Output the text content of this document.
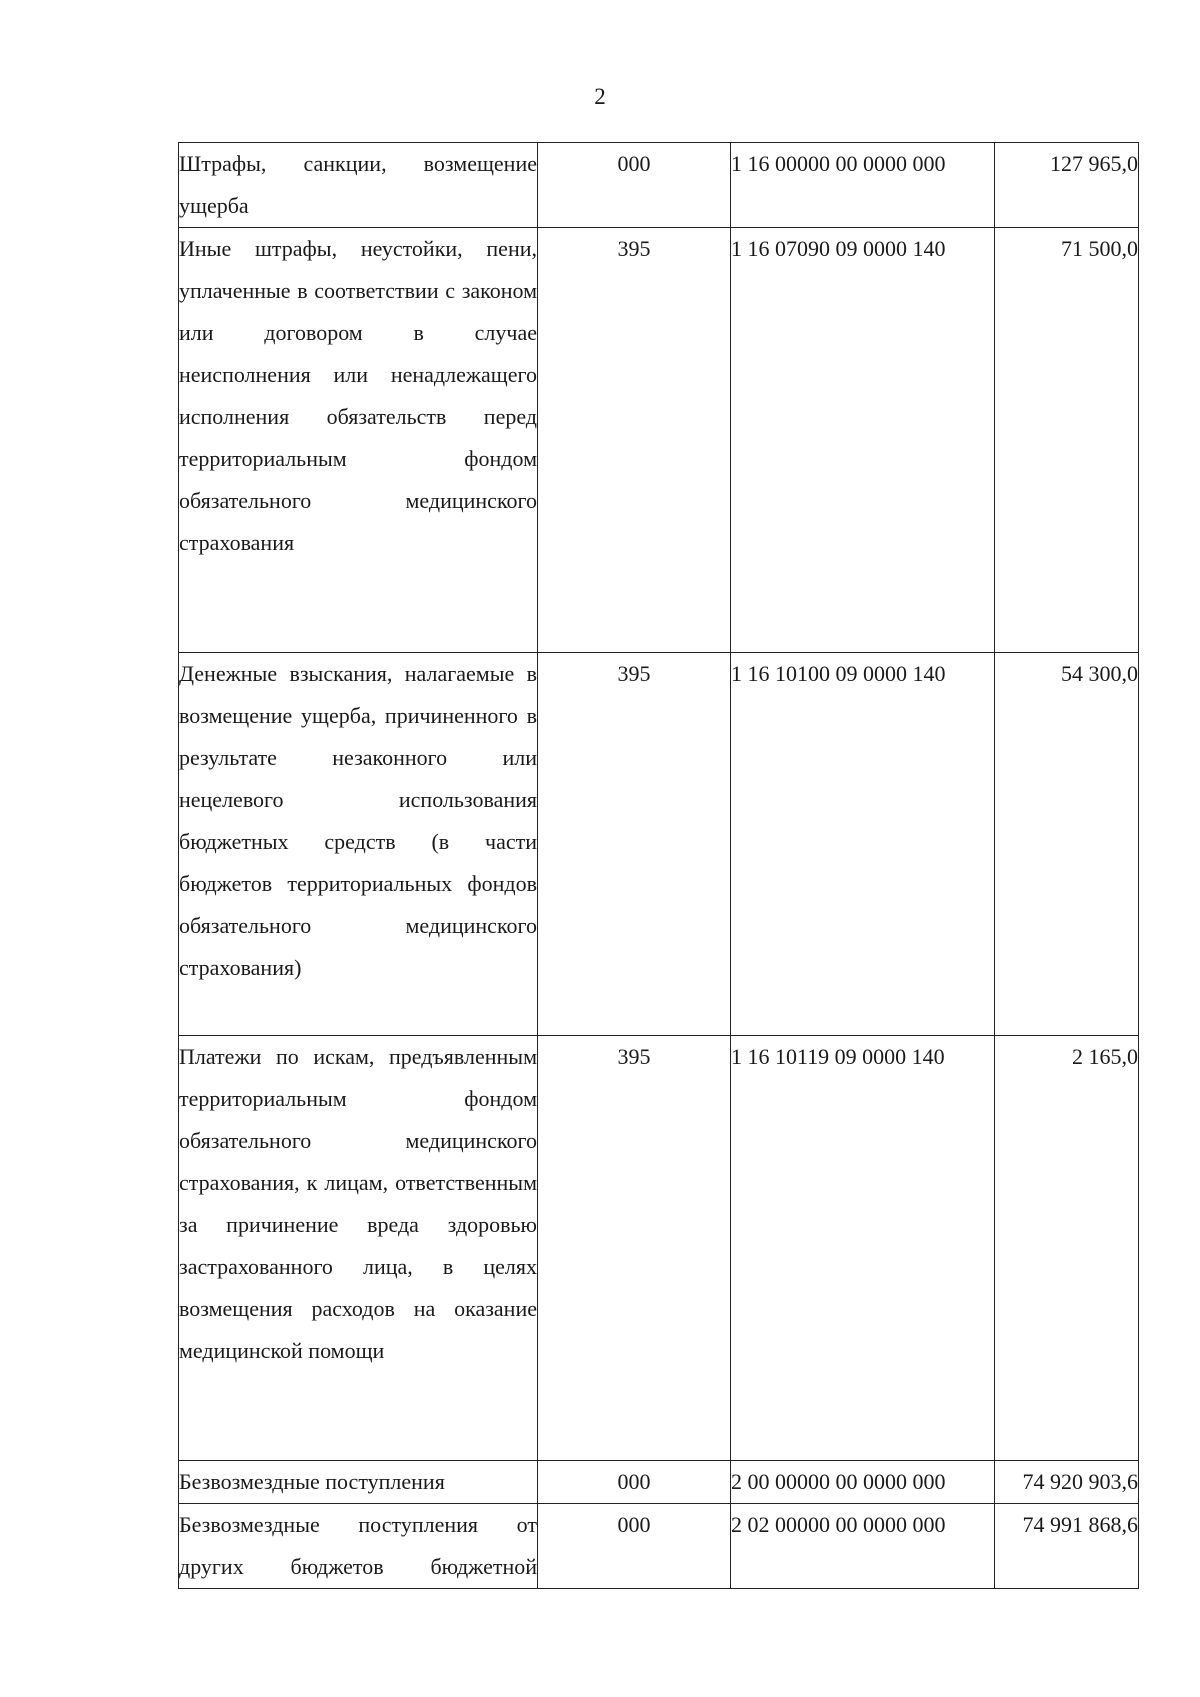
2
Штрафы, санкции, возмещение ущерба	000	1 16 00000 00 0000 000	127 965,0
Иные штрафы, неустойки, пени, уплаченные в соответствии с законом или договором в случае неисполнения или ненадлежащего исполнения обязательств перед территориальным фондом обязательного медицинского страхования	395	1 16 07090 09 0000 140	71 500,0
Денежные взыскания, налагаемые в возмещение ущерба, причиненного в результате незаконного или нецелевого использования бюджетных средств (в части бюджетов территориальных фондов обязательного медицинского страхования)	395	1 16 10100 09 0000 140	54 300,0
Платежи по искам, предъявленным территориальным фондом обязательного медицинского страхования, к лицам, ответственным за причинение вреда здоровью застрахованного лица, в целях возмещения расходов на оказание медицинской помощи	395	1 16 10119 09 0000 140	2 165,0
Безвозмездные поступления	000	2 00 00000 00 0000 000	74 920 903,6
Безвозмездные поступления от других бюджетов бюджетной	000	2 02 00000 00 0000 000	74 991 868,6
